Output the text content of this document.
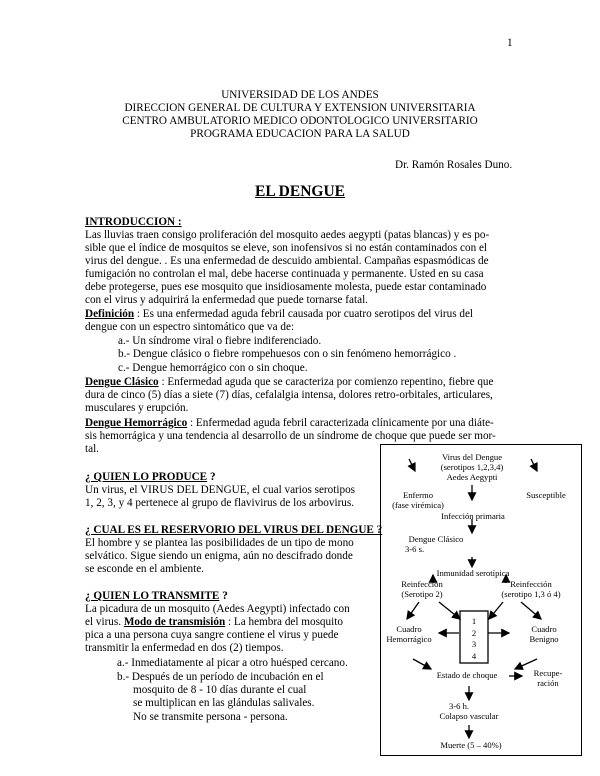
1
UNIVERSIDAD DE LOS ANDES
DIRECCION GENERAL DE CULTURA Y EXTENSION UNIVERSITARIA
CENTRO AMBULATORIO MEDICO ODONTOLOGICO UNIVERSITARIO
PROGRAMA EDUCACION PARA LA SALUD
Dr. Ramón Rosales Duno.
EL DENGUE
INTRODUCCION :
Las lluvias traen consigo proliferación del mosquito aedes aegypti (patas blancas) y es po-
sible que el índice de mosquitos se eleve, son inofensivos si no están contaminados con el
virus del dengue. . Es una enfermedad de descuido ambiental. Campañas espasmódicas de
fumigación no controlan el mal, debe hacerse continuada y permanente. Usted en su casa
debe protegerse, pues ese mosquito que insidiosamente molesta, puede estar contaminado
con el virus y adquirirá la enfermedad que puede tornarse fatal.
Definición : Es una enfermedad aguda febril causada por cuatro serotipos del virus del
dengue con un espectro sintomático que va de:
a.- Un síndrome viral o fiebre indiferenciado.
b.- Dengue clásico o fiebre rompehuesos con o sin fenómeno hemorrágico .
c.- Dengue hemorrágico con o sin choque.
Dengue Clásico : Enfermedad aguda que se caracteriza por comienzo repentino, fiebre que
dura de cinco (5) días a siete (7) días, cefalalgia intensa, dolores retro-orbitales, articulares,
musculares y erupción.
Dengue Hemorrágico : Enfermedad aguda febril caracterizada clínicamente por una diáte-
sis hemorrágica y una tendencia al desarrollo de un síndrome de choque que puede ser mor-
tal.
¿ QUIEN LO PRODUCE ?
Un virus, el VIRUS DEL DENGUE, el cual varios serotipos
1, 2, 3, y 4 pertenece al grupo de flavivirus de los arbovirus.
¿ CUAL ES EL RESERVORIO DEL VIRUS DEL DENGUE ?
El hombre y se plantea las posibilidades de un tipo de mono
selvático. Sigue siendo un enigma, aún no descifrado donde
se esconde en el ambiente.
¿ QUIEN LO TRANSMITE ?
La picadura de un mosquito (Aedes Aegypti) infectado con
el virus. Modo de transmisión : La hembra del mosquito
pica a una persona cuya sangre contiene el virus y puede
transmitir la enfermedad en dos (2) tiempos.
a.- Inmediatamente al picar a otro huésped cercano.
b.- Después de un período de incubación en el
mosquito de 8 - 10 días durante el cual
se multiplican en las glándulas salivales.
No se transmite persona - persona.
Virus del Dengue
(serotipos 1,2,3,4)
Aedes Aegypti
Enfermo
(fase virémica)
Susceptible
Infección primaria
Dengue Clásico
3-6 s.
Inmunidad serotípica
Reinfección
(Serotipo 2)
Reinfección
(serotipo 1,3 ó 4)
Cuadro
Hemorrágico
Cuadro
Benigno
1
2
3
4
Estado de choque	Recupe-
ración
3-6 h.
Colapso vascular
Muerte (5 – 40%)
